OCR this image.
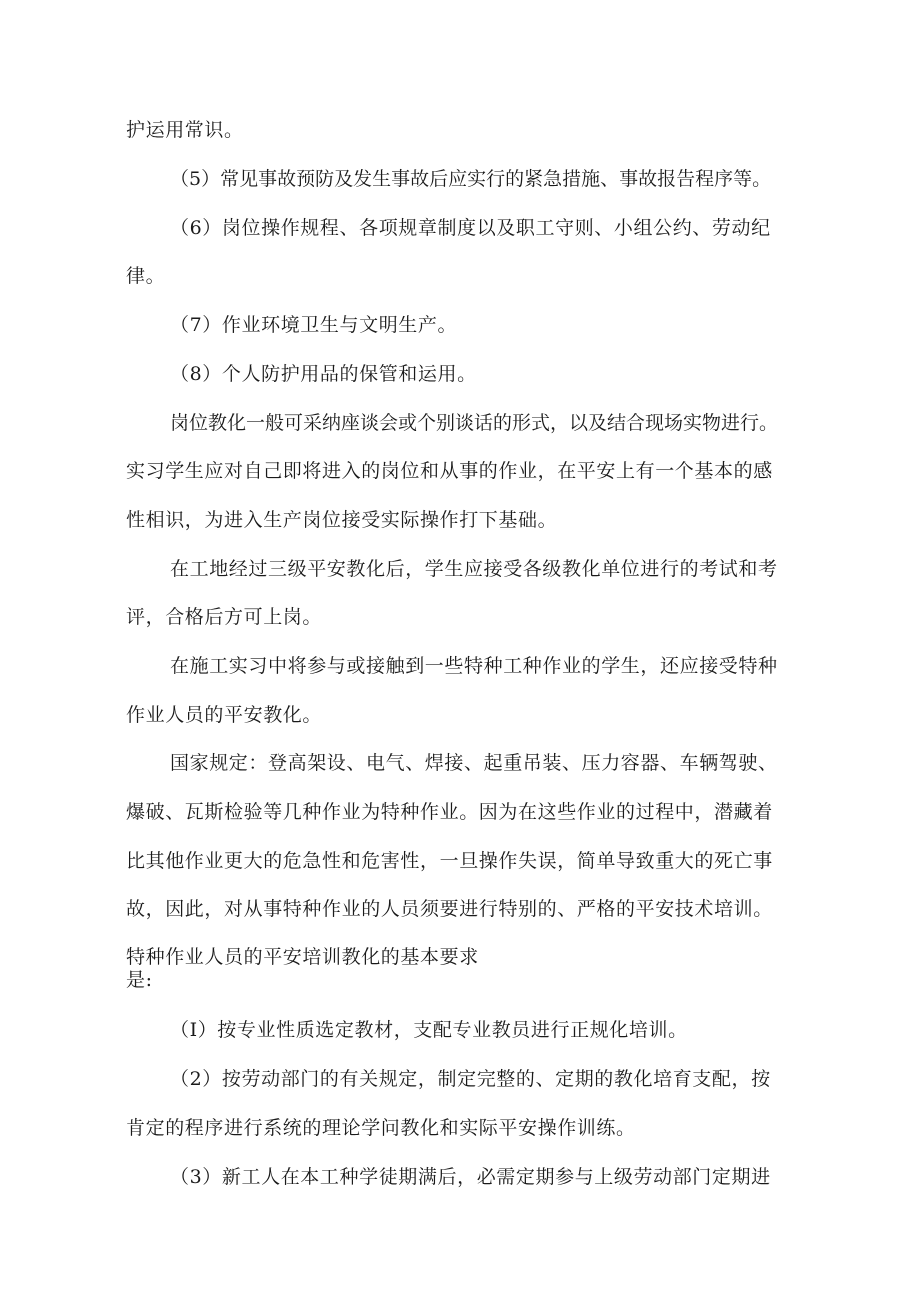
护运用常识。
（5）常见事故预防及发生事故后应实行的紧急措施、事故报告程序等。
（6）岗位操作规程、各项规章制度以及职工守则、小组公约、劳动纪
律。
（7）作业环境卫生与文明生产。
（8）个人防护用品的保管和运用。
岗位教化一般可采纳座谈会或个别谈话的形式，以及结合现场实物进行。
实习学生应对自己即将进入的岗位和从事的作业，在平安上有一个基本的感
性相识，为进入生产岗位接受实际操作打下基础。
在工地经过三级平安教化后，学生应接受各级教化单位进行的考试和考
评，合格后方可上岗。
在施工实习中将参与或接触到一些特种工种作业的学生，还应接受特种
作业人员的平安教化。
国家规定：登高架设、电气、焊接、起重吊装、压力容器、车辆驾驶、
爆破、瓦斯检验等几种作业为特种作业。因为在这些作业的过程中，潜藏着
比其他作业更大的危急性和危害性，一旦操作失误，简单导致重大的死亡事
故，因此，对从事特种作业的人员须要进行特别的、严格的平安技术培训。
特种作业人员的平安培训教化的基本要求
是:
（I）按专业性质选定教材，支配专业教员进行正规化培训。
（2）按劳动部门的有关规定，制定完整的、定期的教化培育支配，按
肯定的程序进行系统的理论学问教化和实际平安操作训练。
（3）新工人在本工种学徒期满后，必需定期参与上级劳动部门定期进
